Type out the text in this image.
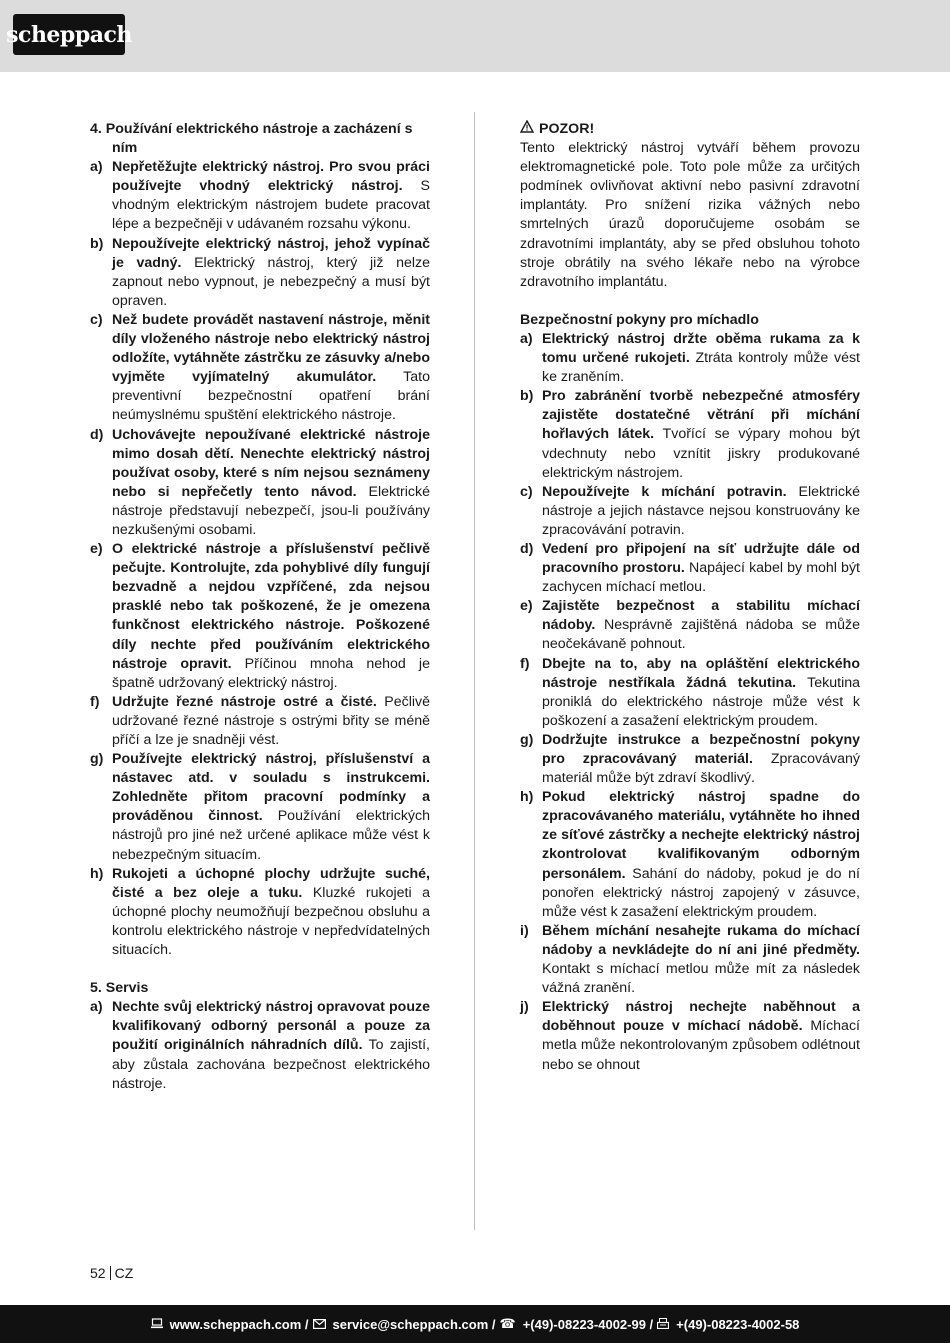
scheppach
4. Používání elektrického nástroje a zacházení s ním
a) Nepřetěžujte elektrický nástroj. Pro svou práci používejte vhodný elektrický nástroj. S vhodným elektrickým nástrojem budete pracovat lépe a bezpečněji v udávaném rozsahu výkonu.
b) Nepoužívejte elektrický nástroj, jehož vypínač je vadný. Elektrický nástroj, který již nelze zapnout nebo vypnout, je nebezpečný a musí být opraven.
c) Než budete provádět nastavení nástroje, měnit díly vloženého nástroje nebo elektrický nástroj odložíte, vytáhněte zástrčku ze zásuvky a/nebo vyjměte vyjímatelný akumulátor. Tato preventivní bezpečnostní opatření brání neúmyslnému spuštění elektrického nástroje.
d) Uchovávejte nepoužívané elektrické nástroje mimo dosah dětí. Nenechte elektrický nástroj používat osoby, které s ním nejsou seznámeny nebo si nepřečetly tento návod. Elektrické nástroje představují nebezpečí, jsou-li používány nezkušenými osobami.
e) O elektrické nástroje a příslušenství pečlivě pečujte. Kontrolujte, zda pohyblivé díly fungují bezvadně a nejdou vzpříčené, zda nejsou prasklé nebo tak poškozené, že je omezena funkčnost elektrického nástroje. Poškozené díly nechte před používáním elektrického nástroje opravit. Příčinou mnoha nehod je špatně udržovaný elektrický nástroj.
f) Udržujte řezné nástroje ostré a čisté. Pečlivě udržované řezné nástroje s ostrými břity se méně příčí a lze je snadněji vést.
g) Používejte elektrický nástroj, příslušenství a nástavec atd. v souladu s instrukcemi. Zohledněte přitom pracovní podmínky a prováděnou činnost. Používání elektrických nástrojů pro jiné než určené aplikace může vést k nebezpečným situacím.
h) Rukojeti a úchopné plochy udržujte suché, čisté a bez oleje a tuku. Kluzké rukojeti a úchopné plochy neumožňují bezpečnou obsluhu a kontrolu elektrického nástroje v nepředvídatelných situacích.
5. Servis
a) Nechte svůj elektrický nástroj opravovat pouze kvalifikovaný odborný personál a pouze za použití originálních náhradních dílů. To zajistí, aby zůstala zachována bezpečnost elektrického nástroje.
POZOR!
Tento elektrický nástroj vytváří během provozu elektromagnetické pole. Toto pole může za určitých podmínek ovlivňovat aktivní nebo pasivní zdravotní implantáty. Pro snížení rizika vážných nebo smrtelných úrazů doporučujeme osobám se zdravotními implantáty, aby se před obsluhou tohoto stroje obrátily na svého lékaře nebo na výrobce zdravotního implantátu.
Bezpečnostní pokyny pro míchadlo
a) Elektrický nástroj držte oběma rukama za k tomu určené rukojeti. Ztráta kontroly může vést ke zraněním.
b) Pro zabránění tvorbě nebezpečné atmosféry zajistěte dostatečné větrání při míchání hořlavých látek. Tvořící se výpary mohou být vdechnuty nebo vznítit jiskry produkované elektrickým nástrojem.
c) Nepoužívejte k míchání potravin. Elektrické nástroje a jejich nástavce nejsou konstruovány ke zpracovávání potravin.
d) Vedení pro připojení na síť udržujte dále od pracovního prostoru. Napájecí kabel by mohl být zachycen míchací metlou.
e) Zajistěte bezpečnost a stabilitu míchací nádoby. Nesprávně zajištěná nádoba se může neočekávaně pohnout.
f) Dbejte na to, aby na opláštění elektrického nástroje nestříkala žádná tekutina. Tekutina proniklá do elektrického nástroje může vést k poškození a zasažení elektrickým proudem.
g) Dodržujte instrukce a bezpečnostní pokyny pro zpracovávaný materiál. Zpracovávaný materiál může být zdraví škodlivý.
h) Pokud elektrický nástroj spadne do zpracovávaného materiálu, vytáhněte ho ihned ze síťové zástrčky a nechejte elektrický nástroj zkontrolovat kvalifikovaným odborným personálem. Sahání do nádoby, pokud je do ní ponořen elektrický nástroj zapojený v zásuvce, může vést k zasažení elektrickým proudem.
i) Během míchání nesahejte rukama do míchací nádoby a nevkládejte do ní ani jiné předměty. Kontakt s míchací metlou může mít za následek vážná zranění.
j) Elektrický nástroj nechejte naběhnout a doběhnout pouze v míchací nádobě. Míchací metla může nekontrolovaným způsobem odlétnout nebo se ohnout
52 CZ
www.scheppach.com / service@scheppach.com / ☎ +(49)-08223-4002-99 / +(49)-08223-4002-58
